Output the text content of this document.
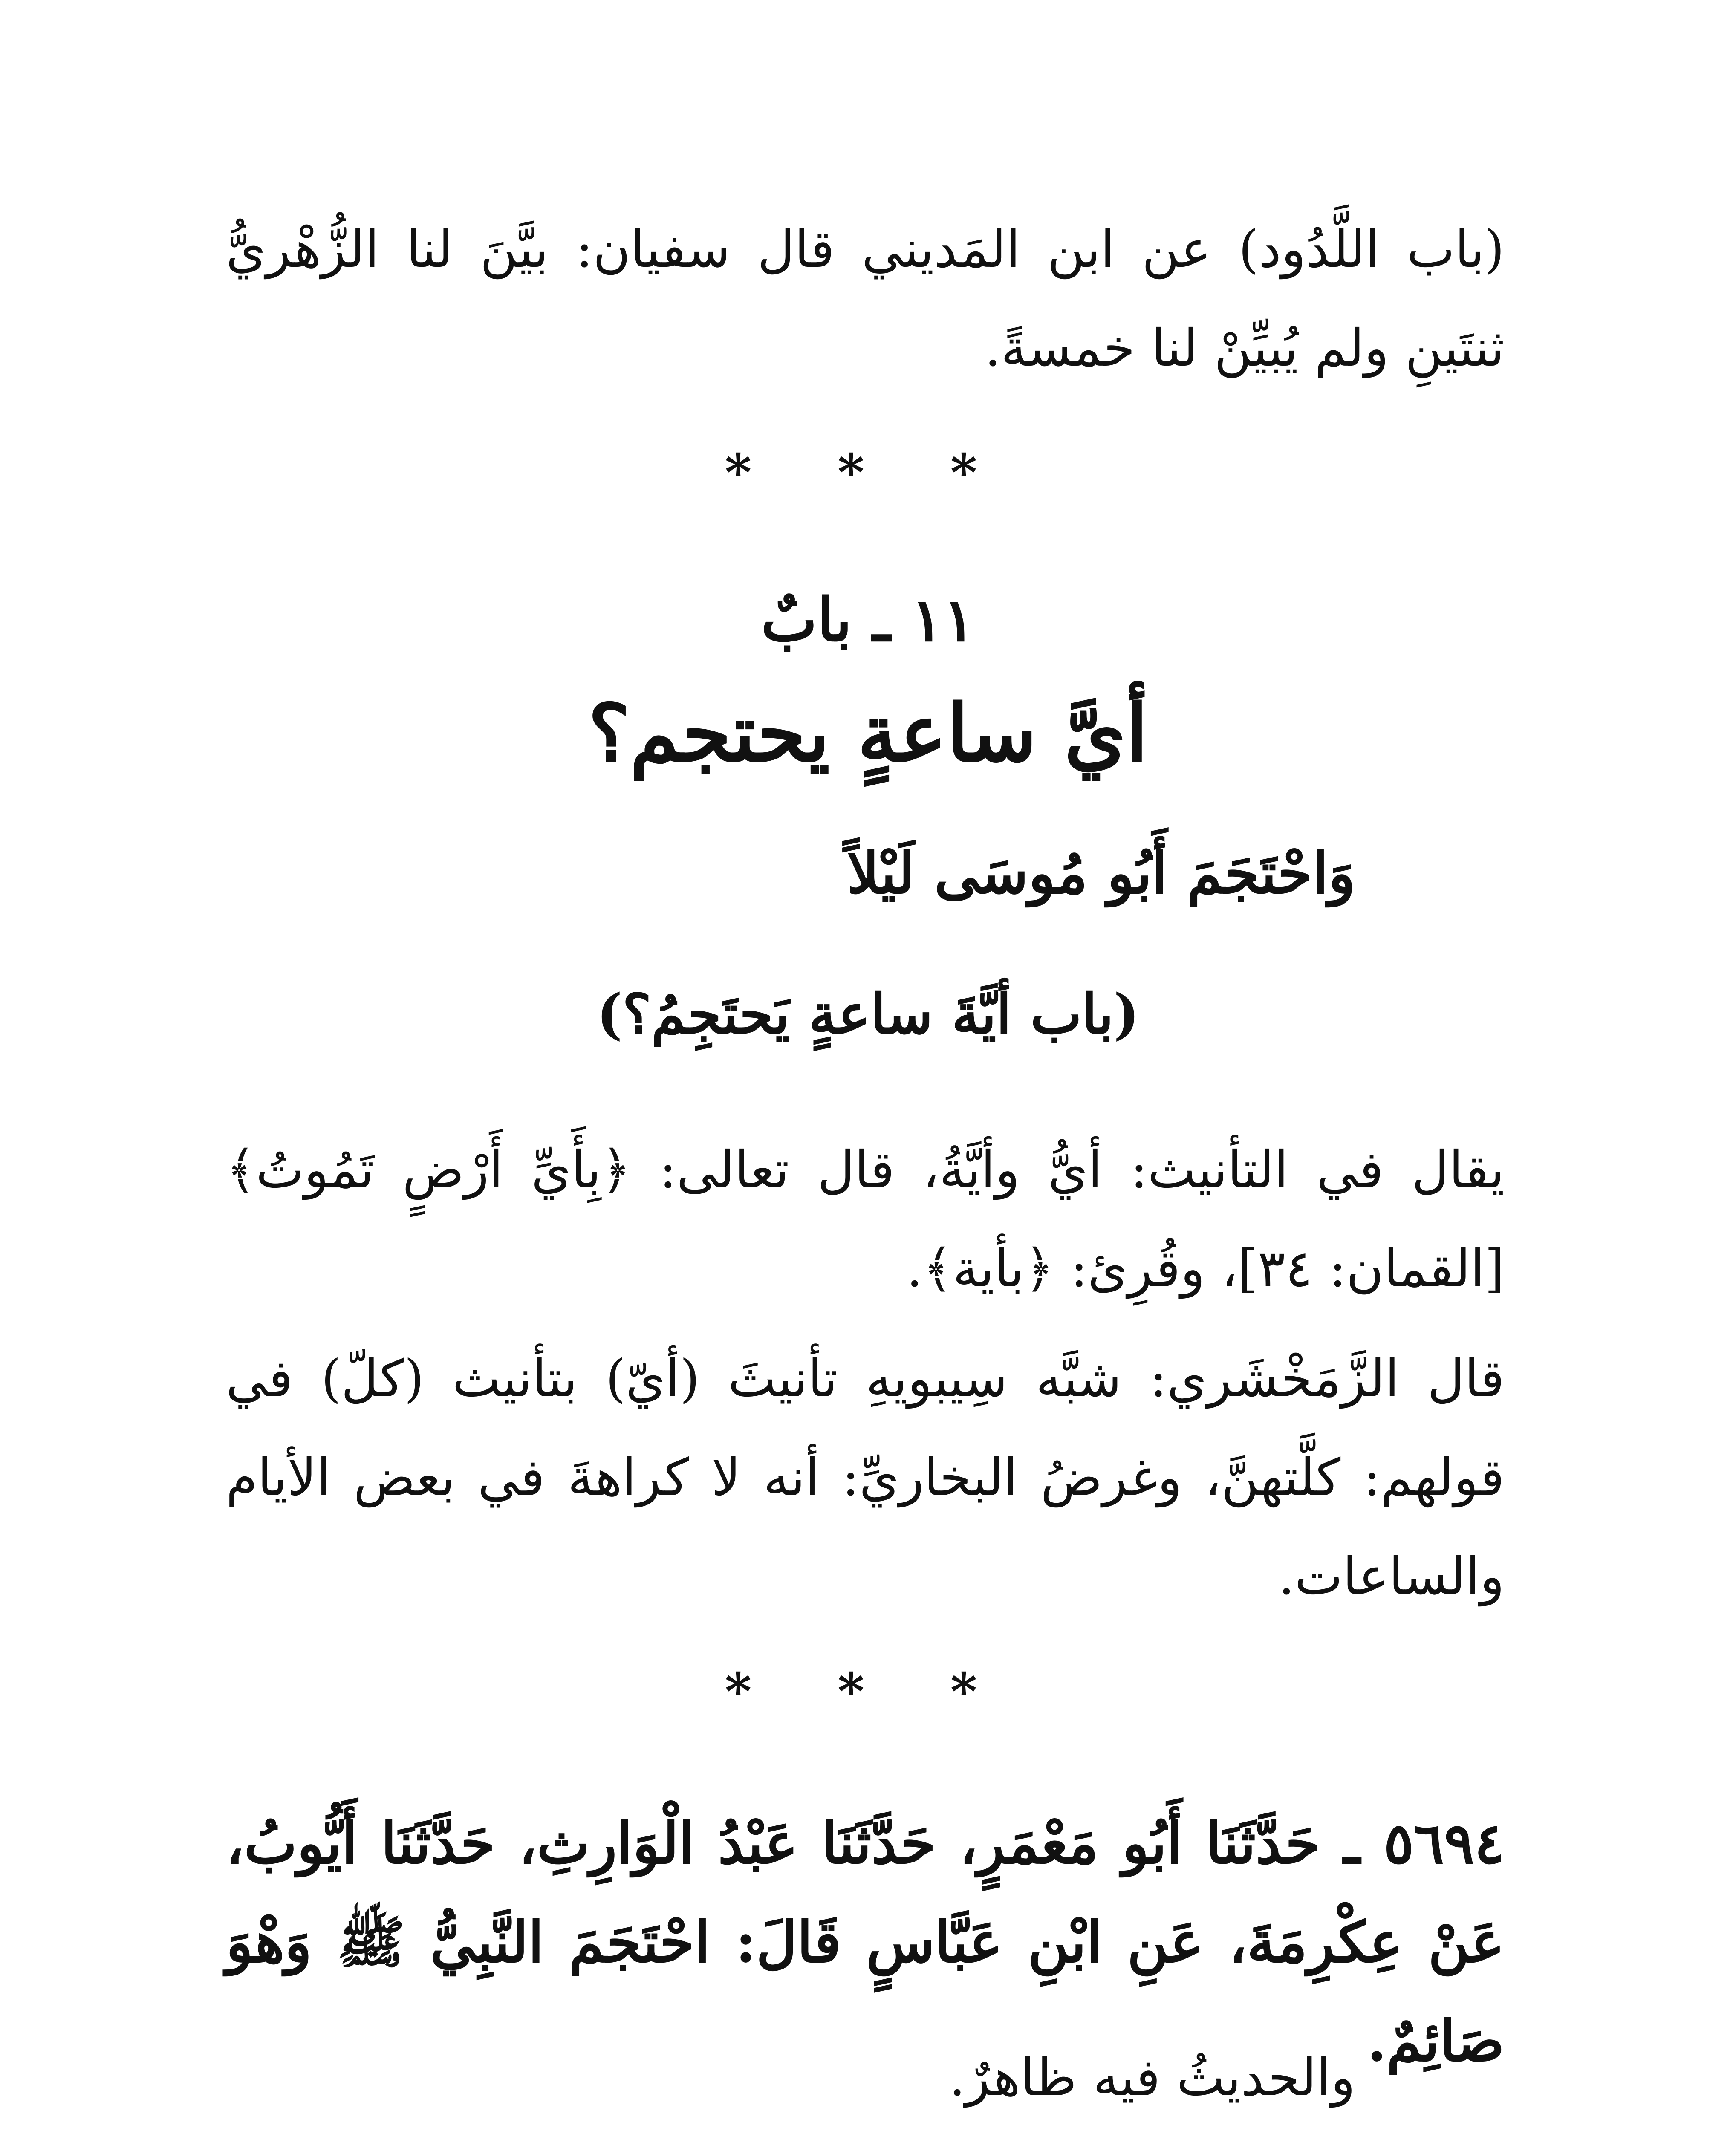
(باب اللَّدُود) عن ابن المَديني قال سفيان: بيَّنَ لنا الزُّهْريُّ ثنتَينِ ولم يُبيِّنْ لنا خمسةً.
* * *
١١ ـ بابٌ
أيَّ ساعةٍ يحتجم؟
وَاحْتَجَمَ أَبُو مُوسَى لَيْلاً
(باب أيَّةَ ساعةٍ يَحتَجِمُ؟)
يقال في التأنيث: أيُّ وأيَّةُ، قال تعالى: ﴿بِأَيِّ أَرْضٍ تَمُوتُ﴾[القمان: ٣٤]، وقُرِئ: ﴿بأية﴾.
قال الزَّمَخْشَري: شبَّه سِيبويهِ تأنيثَ (أيّ) بتأنيث (كلّ) في قولهم: كلَّتهنَّ، وغرضُ البخاريِّ: أنه لا كراهةَ في بعض الأيام والساعات.
* * *
٥٦٩٤ ـ حَدَّثَنَا أَبُو مَعْمَرٍ، حَدَّثَنَا عَبْدُ الْوَارِثِ، حَدَّثَنَا أَيُّوبُ، عَنْ عِكْرِمَةَ، عَنِ ابْنِ عَبَّاسٍ قَالَ: احْتَجَمَ النَّبِيُّ ﷺ وَهْوَ صَائِمٌ.
والحديثُ فيه ظاهرٌ.
